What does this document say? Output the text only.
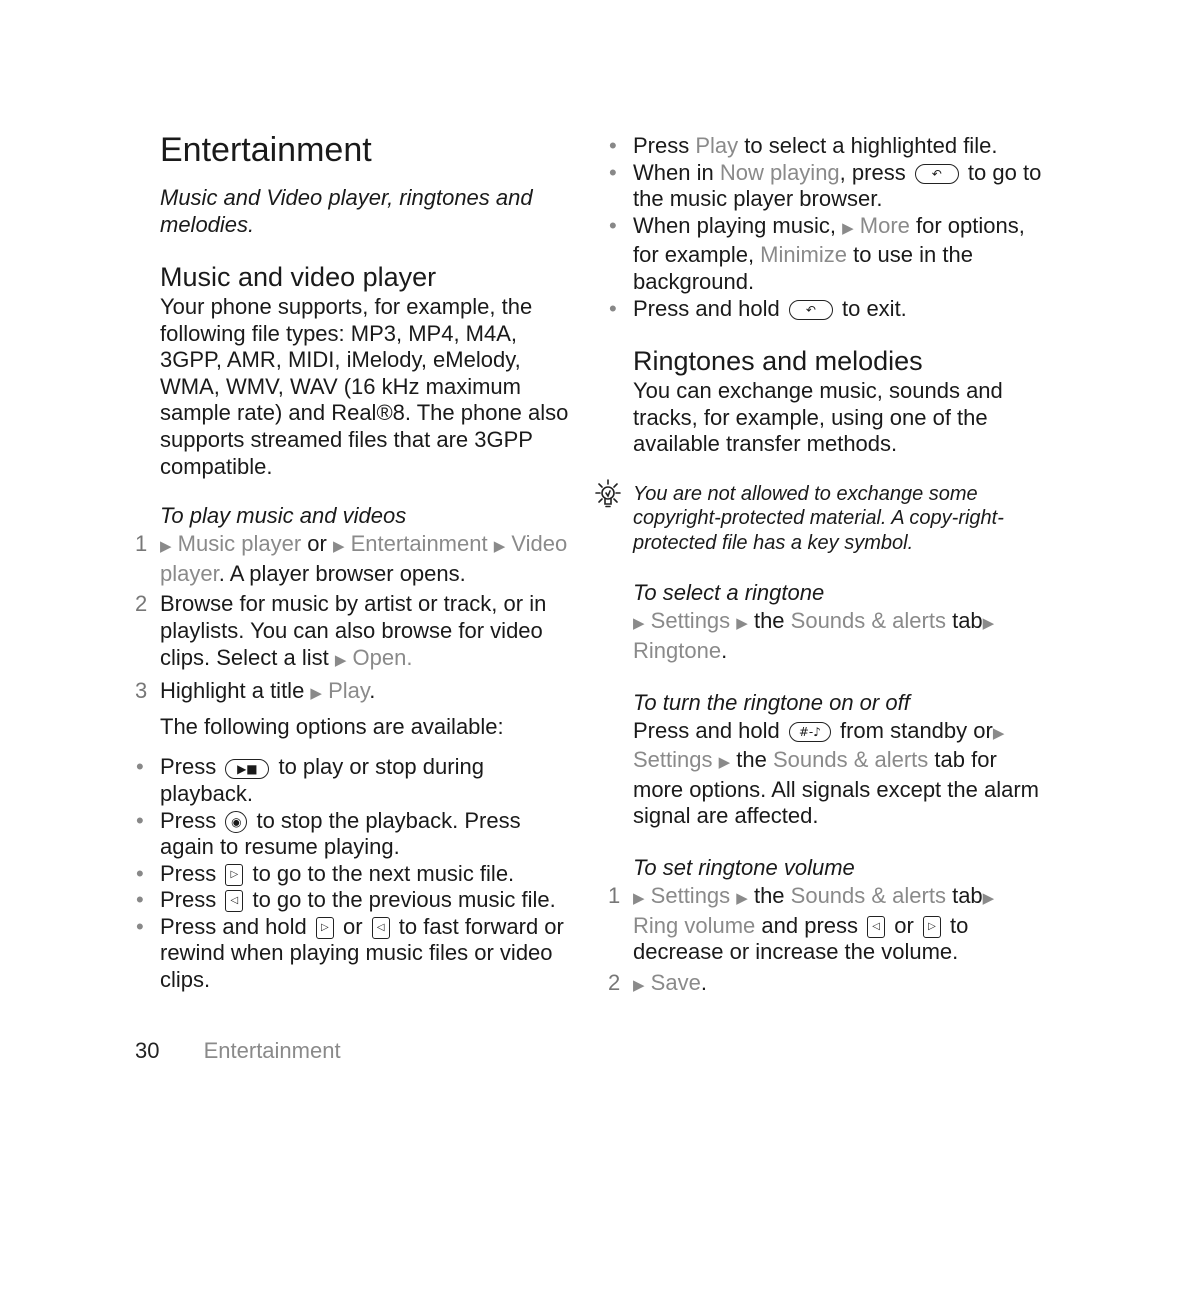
Entertainment
Music and Video player, ringtones and melodies.
Music and video player

Your phone supports, for example, the following file types: MP3, MP4, M4A, 3GPP, AMR, MIDI, iMelody, eMelody, WMA, WMV, WAV (16 kHz maximum sample rate) and Real®8. The phone also supports streamed files that are 3GPP compatible.

To play music and videos
1 ▶ Music player or ▶ Entertainment ▶ Video player. A player browser opens.
2 Browse for music by artist or track, or in playlists. You can also browse for video clips. Select a list ▶ Open.
3 Highlight a title ▶ Play.
The following options are available:
• Press ▶■ to play or stop during playback.
• Press ◉ to stop the playback. Press again to resume playing.
• Press ▷ to go to the next music file.
• Press ◁ to go to the previous music file.
• Press and hold ▷ or ◁ to fast forward or rewind when playing music files or video clips.
• Press Play to select a highlighted file.
• When in Now playing, press ↶ to go to the music player browser.
• When playing music, ▶ More for options, for example, Minimize to use in the background.
• Press and hold ↶ to exit.
Ringtones and melodies

You can exchange music, sounds and tracks, for example, using one of the available transfer methods.

You are not allowed to exchange some copyright-protected material. A copy-right-protected file has a key symbol.
To select a ringtone

▶ Settings ▶ the Sounds & alerts tab▶ Ringtone.

To turn the ringtone on or off

Press and hold #-♪ from standby or▶ Settings ▶ the Sounds & alerts tab for more options. All signals except the alarm signal are affected.

To set ringtone volume
1 ▶ Settings ▶ the Sounds & alerts tab▶ Ring volume and press ◁ or ▷ to decrease or increase the volume.
2 ▶ Save.
30 Entertainment
